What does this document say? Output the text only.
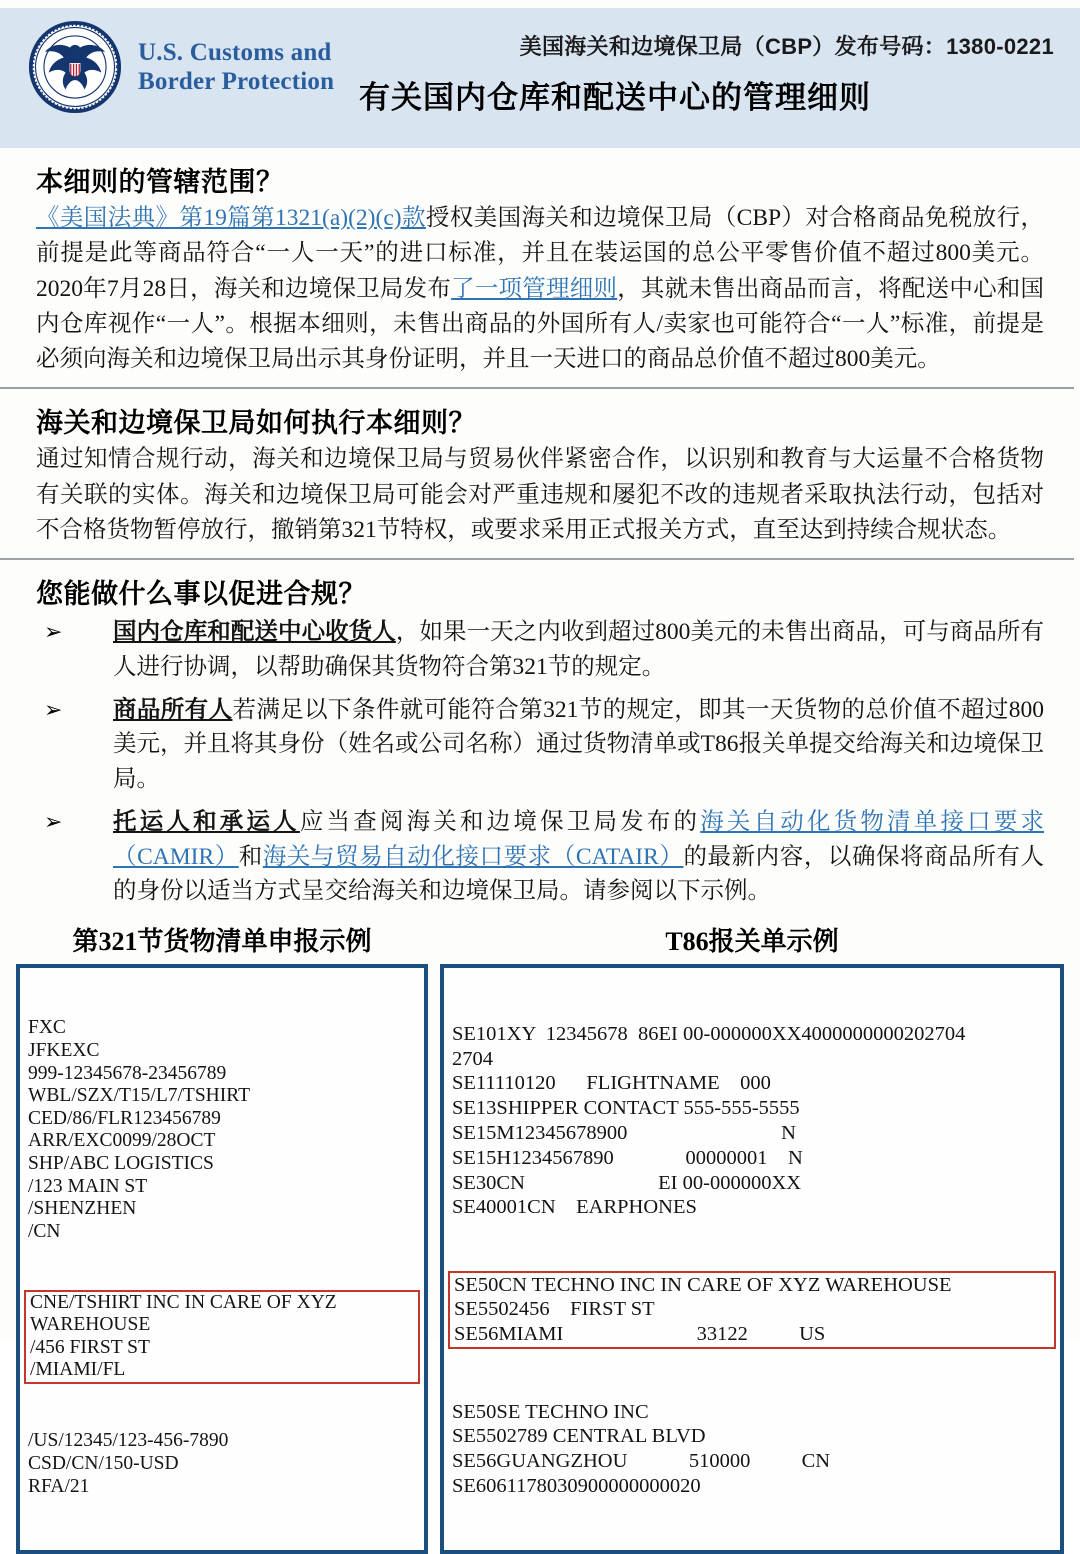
U.S. Customs and
Border Protection
美国海关和边境保卫局（CBP）发布号码：1380-0221
有关国内仓库和配送中心的管理细则
本细则的管辖范围？

《美国法典》第19篇第1321(a)(2)(c)款授权美国海关和边境保卫局（CBP）对合格商品免税放行，前提是此等商品符合“一人一天”的进口标准，并且在装运国的总公平零售价值不超过800美元。2020年7月28日，海关和边境保卫局发布了一项管理细则，其就未售出商品而言，将配送中心和国内仓库视作“一人”。根据本细则，未售出商品的外国所有人/卖家也可能符合“一人”标准，前提是必须向海关和边境保卫局出示其身份证明，并且一天进口的商品总价值不超过800美元。

海关和边境保卫局如何执行本细则？

通过知情合规行动，海关和边境保卫局与贸易伙伴紧密合作，以识别和教育与大运量不合格货物有关联的实体。海关和边境保卫局可能会对严重违规和屡犯不改的违规者采取执法行动，包括对不合格货物暂停放行，撤销第321节特权，或要求采用正式报关方式，直至达到持续合规状态。

您能做什么事以促进合规？
➢ 国内仓库和配送中心收货人，如果一天之内收到超过800美元的未售出商品，可与商品所有人进行协调，以帮助确保其货物符合第321节的规定。
➢ 商品所有人若满足以下条件就可能符合第321节的规定，即其一天货物的总价值不超过800美元，并且将其身份（姓名或公司名称）通过货物清单或T86报关单提交给海关和边境保卫局。
➢ 托运人和承运人应当查阅海关和边境保卫局发布的海关自动化货物清单接口要求（CAMIR）和海关与贸易自动化接口要求（CATAIR）的最新内容，以确保将商品所有人的身份以适当方式呈交给海关和边境保卫局。请参阅以下示例。
第321节货物清单申报示例

FXC
JFKEXC
999-12345678-23456789
WBL/SZX/T15/L7/TSHIRT
CED/86/FLR123456789
ARR/EXC0099/28OCT
SHP/ABC LOGISTICS
/123 MAIN ST
/SHENZHEN
/CN

CNE/TSHIRT INC IN CARE OF XYZ
WAREHOUSE
/456 FIRST ST
/MIAMI/FL

/US/12345/123-456-7890
CSD/CN/150-USD
RFA/21

T86报关单示例

SE101XY  12345678  86EI 00-000000XX4000000000202704
2704
SE11110120      FLIGHTNAME    000
SE13SHIPPER CONTACT 555-555-5555
SE15M12345678900                              N
SE15H1234567890              00000001    N
SE30CN                          EI 00-000000XX
SE40001CN    EARPHONES

SE50CN TECHNO INC IN CARE OF XYZ WAREHOUSE
SE5502456    FIRST ST
SE56MIAMI                          33122          US

SE50SE TECHNO INC
SE5502789 CENTRAL BLVD
SE56GUANGZHOU            510000          CN
SE6061178030900000000020
